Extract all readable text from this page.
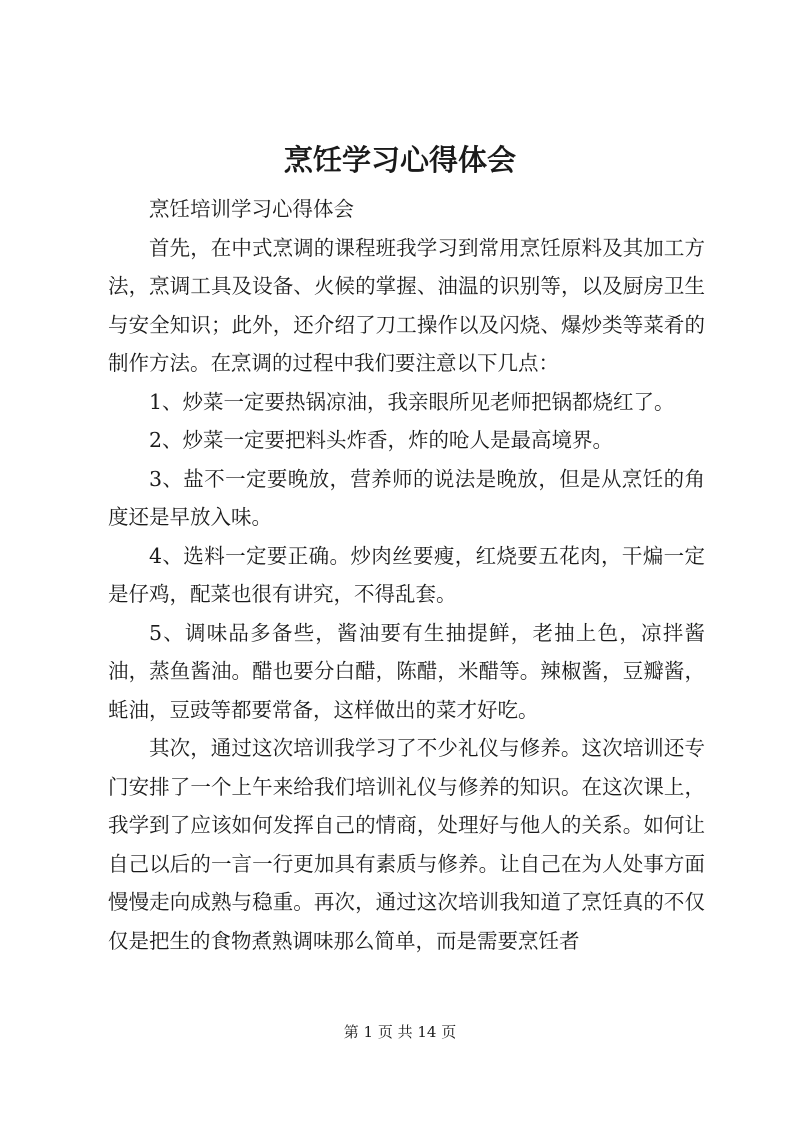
烹饪学习心得体会

烹饪培训学习心得体会

首先，在中式烹调的课程班我学习到常用烹饪原料及其加工方法，烹调工具及设备、火候的掌握、油温的识别等，以及厨房卫生与安全知识；此外，还介绍了刀工操作以及闪烧、爆炒类等菜肴的制作方法。在烹调的过程中我们要注意以下几点：

1、炒菜一定要热锅凉油，我亲眼所见老师把锅都烧红了。

2、炒菜一定要把料头炸香，炸的呛人是最高境界。

3、盐不一定要晚放，营养师的说法是晚放，但是从烹饪的角度还是早放入味。

4、选料一定要正确。炒肉丝要瘦，红烧要五花肉，干煸一定是仔鸡，配菜也很有讲究，不得乱套。

5、调味品多备些，酱油要有生抽提鲜，老抽上色，凉拌酱油，蒸鱼酱油。醋也要分白醋，陈醋，米醋等。辣椒酱，豆瓣酱，蚝油，豆豉等都要常备，这样做出的菜才好吃。

其次，通过这次培训我学习了不少礼仪与修养。这次培训还专门安排了一个上午来给我们培训礼仪与修养的知识。在这次课上，我学到了应该如何发挥自己的情商，处理好与他人的关系。如何让自己以后的一言一行更加具有素质与修养。让自己在为人处事方面慢慢走向成熟与稳重。再次，通过这次培训我知道了烹饪真的不仅仅是把生的食物煮熟调味那么简单，而是需要烹饪者

第 1 页 共 14 页
